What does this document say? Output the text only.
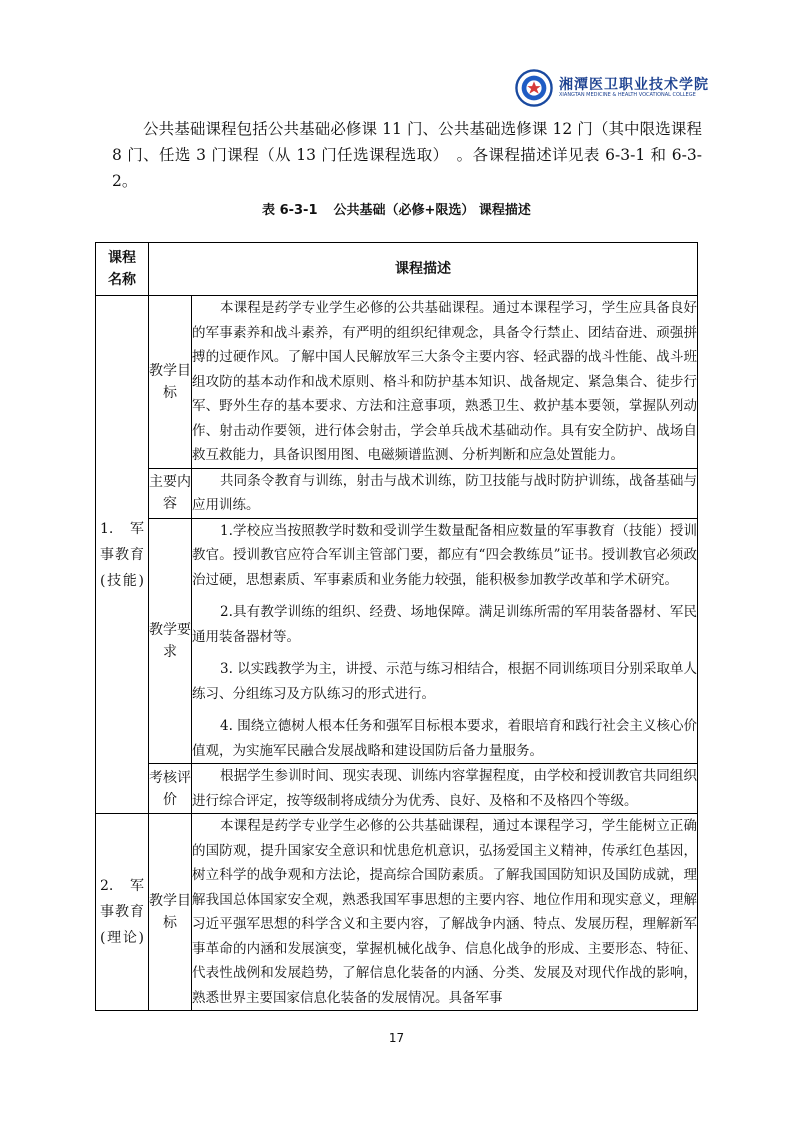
湘潭医卫职业技术学院
XIANGTAN MEDICINE & HEALTH VOCATIONAL COLLEGE
公共基础课程包括公共基础必修课 11 门、公共基础选修课 12 门（其中限选课程 8 门、任选 3 门课程（从 13 门任选课程选取）　。各课程描述详见表 6-3-1 和 6-3-2。
表 6-3-1 公共基础（必修+限选） 课程描述
课程名称	课程描述	
1. 军事教育(技能)	教学目标	本课程是药学专业学生必修的公共基础课程。通过本课程学习，学生应具备良好的军事素养和战斗素养，有严明的组织纪律观念，具备令行禁止、团结奋进、顽强拼搏的过硬作风。了解中国人民解放军三大条令主要内容、轻武器的战斗性能、战斗班组攻防的基本动作和战术原则、格斗和防护基本知识、战备规定、紧急集合、徒步行军、野外生存的基本要求、方法和注意事项，熟悉卫生、救护基本要领，掌握队列动作、射击动作要领，进行体会射击，学会单兵战术基础动作。具有安全防护、战场自救互救能力，具备识图用图、电磁频谱监测、分析判断和应急处置能力。

	主要内容	共同条令教育与训练，射击与战术训练，防卫技能与战时防护训练，战备基础与应用训练。

	教学要求	1.学校应当按照教学时数和受训学生数量配备相应数量的军事教育（技能）授训教官。授训教官应符合军训主管部门要，都应有“四会教练员”证书。授训教官必须政治过硬，思想素质、军事素质和业务能力较强，能积极参加教学改革和学术研究。

2.具有教学训练的组织、经费、场地保障。满足训练所需的军用装备器材、军民通用装备器材等。

3. 以实践教学为主，讲授、示范与练习相结合，根据不同训练项目分别采取单人练习、分组练习及方队练习的形式进行。

4. 围绕立德树人根本任务和强军目标根本要求，着眼培育和践行社会主义核心价值观，为实施军民融合发展战略和建设国防后备力量服务。

	考核评价	根据学生参训时间、现实表现、训练内容掌握程度，由学校和授训教官共同组织进行综合评定，按等级制将成绩分为优秀、良好、及格和不及格四个等级。

2. 军事教育(理论)	教学目标	本课程是药学专业学生必修的公共基础课程，通过本课程学习，学生能树立正确的国防观，提升国家安全意识和忧患危机意识，弘扬爱国主义精神，传承红色基因，树立科学的战争观和方法论，提高综合国防素质。了解我国国防知识及国防成就，理解我国总体国家安全观，熟悉我国军事思想的主要内容、地位作用和现实意义，理解习近平强军思想的科学含义和主要内容，了解战争内涵、特点、发展历程，理解新军事革命的内涵和发展演变，掌握机械化战争、信息化战争的形成、主要形态、特征、代表性战例和发展趋势，了解信息化装备的内涵、分类、发展及对现代作战的影响，熟悉世界主要国家信息化装备的发展情况。具备军事

17
